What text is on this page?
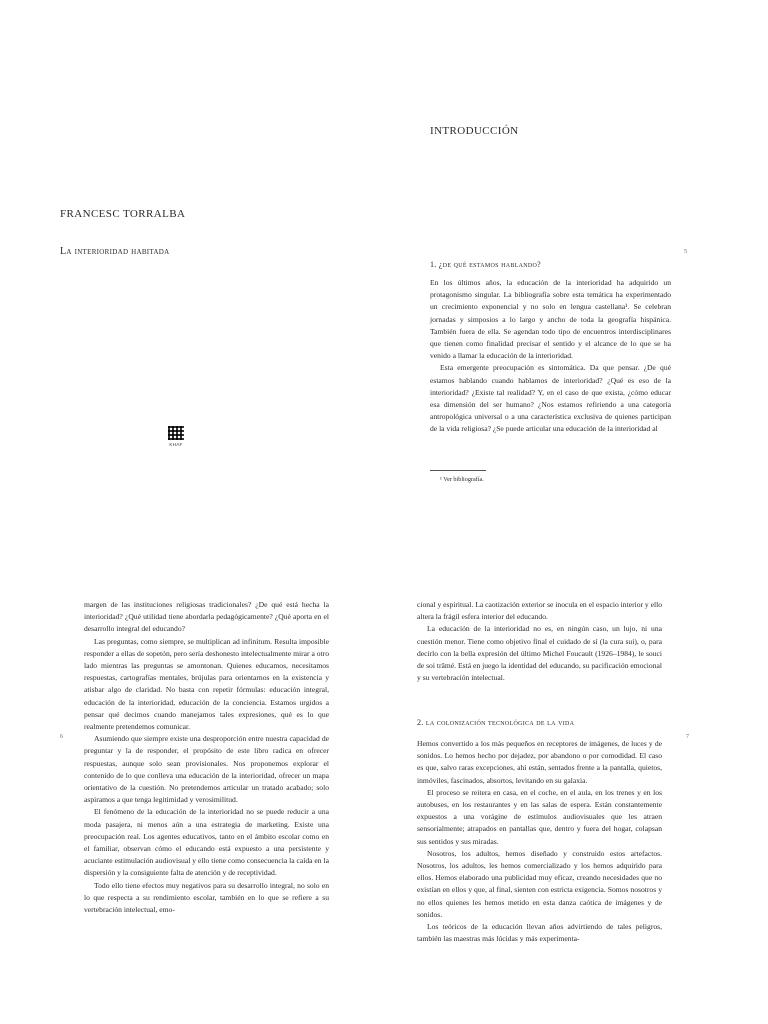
FRANCESC TORRALBA
La interioridad habitada
KHAF
INTRODUCCIÓN
5
1. ¿de qué estamos hablando?

En los últimos años, la educación de la interioridad ha adquirido un protagonismo singular. La bibliografía sobre esta temática ha experimentado un crecimiento exponencial y no solo en lengua castellana¹. Se celebran jornadas y simposios a lo largo y ancho de toda la geografía hispánica. También fuera de ella. Se agendan todo tipo de encuentros interdisciplinares que tienen como finalidad precisar el sentido y el alcance de lo que se ha venido a llamar la educación de la interioridad.

Esta emergente preocupación es sintomática. Da que pensar. ¿De qué estamos hablando cuando hablamos de interioridad? ¿Qué es eso de la interioridad? ¿Existe tal realidad? Y, en el caso de que exista, ¿cómo educar esa dimensión del ser humano? ¿Nos estamos refiriendo a una categoría antropológica universal o a una característica exclusiva de quienes participan de la vida religiosa? ¿Se puede articular una educación de la interioridad al

¹ Ver bibliografía.
6

margen de las instituciones religiosas tradicionales? ¿De qué está hecha la interioridad? ¿Qué utilidad tiene abordarla pedagógicamente? ¿Qué aporta en el desarrollo integral del educando?

Las preguntas, como siempre, se multiplican ad infinitum. Resulta imposible responder a ellas de sopetón, pero sería deshonesto intelectualmente mirar a otro lado mientras las preguntas se amontonan. Quienes educamos, necesitamos respuestas, cartografías mentales, brújulas para orientarnos en la existencia y atisbar algo de claridad. No basta con repetir fórmulas: educación integral, educación de la interioridad, educación de la conciencia. Estamos urgidos a pensar qué decimos cuando manejamos tales expresiones, qué es lo que realmente pretendemos comunicar.

Asumiendo que siempre existe una desproporción entre nuestra capacidad de preguntar y la de responder, el propósito de este libro radica en ofrecer respuestas, aunque solo sean provisionales. Nos proponemos explorar el contenido de lo que conlleva una educación de la interioridad, ofrecer un mapa orientativo de la cuestión. No pretendemos articular un tratado acabado; solo aspiramos a que tenga legitimidad y verosimilitud.

El fenómeno de la educación de la interioridad no se puede reducir a una moda pasajera, ni menos aún a una estrategia de marketing. Existe una preocupación real. Los agentes educativos, tanto en el ámbito escolar como en el familiar, observan cómo el educando está expuesto a una persistente y acuciante estimulación audiovisual y ello tiene como consecuencia la caída en la dispersión y la consiguiente falta de atención y de receptividad.

Todo ello tiene efectos muy negativos para su desarrollo integral, no solo en lo que respecta a su rendimiento escolar, también en lo que se refiere a su vertebración intelectual, emo-

7

cional y espiritual. La caotización exterior se inocula en el espacio interior y ello altera la frágil esfera interior del educando.

La educación de la interioridad no es, en ningún caso, un lujo, ni una cuestión menor. Tiene como objetivo final el cuidado de sí (la cura sui), o, para decirlo con la bella expresión del último Michel Foucault (1926–1984), le souci de soi trâmé. Está en juego la identidad del educando, su pacificación emocional y su vertebración intelectual.

2. la colonización tecnológica de la vida

Hemos convertido a los más pequeños en receptores de imágenes, de luces y de sonidos. Lo hemos hecho por dejadez, por abandono o por comodidad. El caso es que, salvo raras excepciones, ahí están, sentados frente a la pantalla, quietos, inmóviles, fascinados, absortos, levitando en su galaxia.

El proceso se reitera en casa, en el coche, en el aula, en los trenes y en los autobuses, en los restaurantes y en las salas de espera. Están constantemente expuestos a una vorágine de estímulos audiovisuales que les atraen sensorialmente; atrapados en pantallas que, dentro y fuera del hogar, colapsan sus sentidos y sus miradas.

Nosotros, los adultos, hemos diseñado y construido estos artefactos. Nosotros, los adultos, les hemos comercializado y los hemos adquirido para ellos. Hemos elaborado una publicidad muy eficaz, creando necesidades que no existían en ellos y que, al final, sienten con estricta exigencia. Somos nosotros y no ellos quienes les hemos metido en esta danza caótica de imágenes y de sonidos.

Los teóricos de la educación llevan años advirtiendo de tales peligros, también las maestras más lúcidas y más experimenta-
